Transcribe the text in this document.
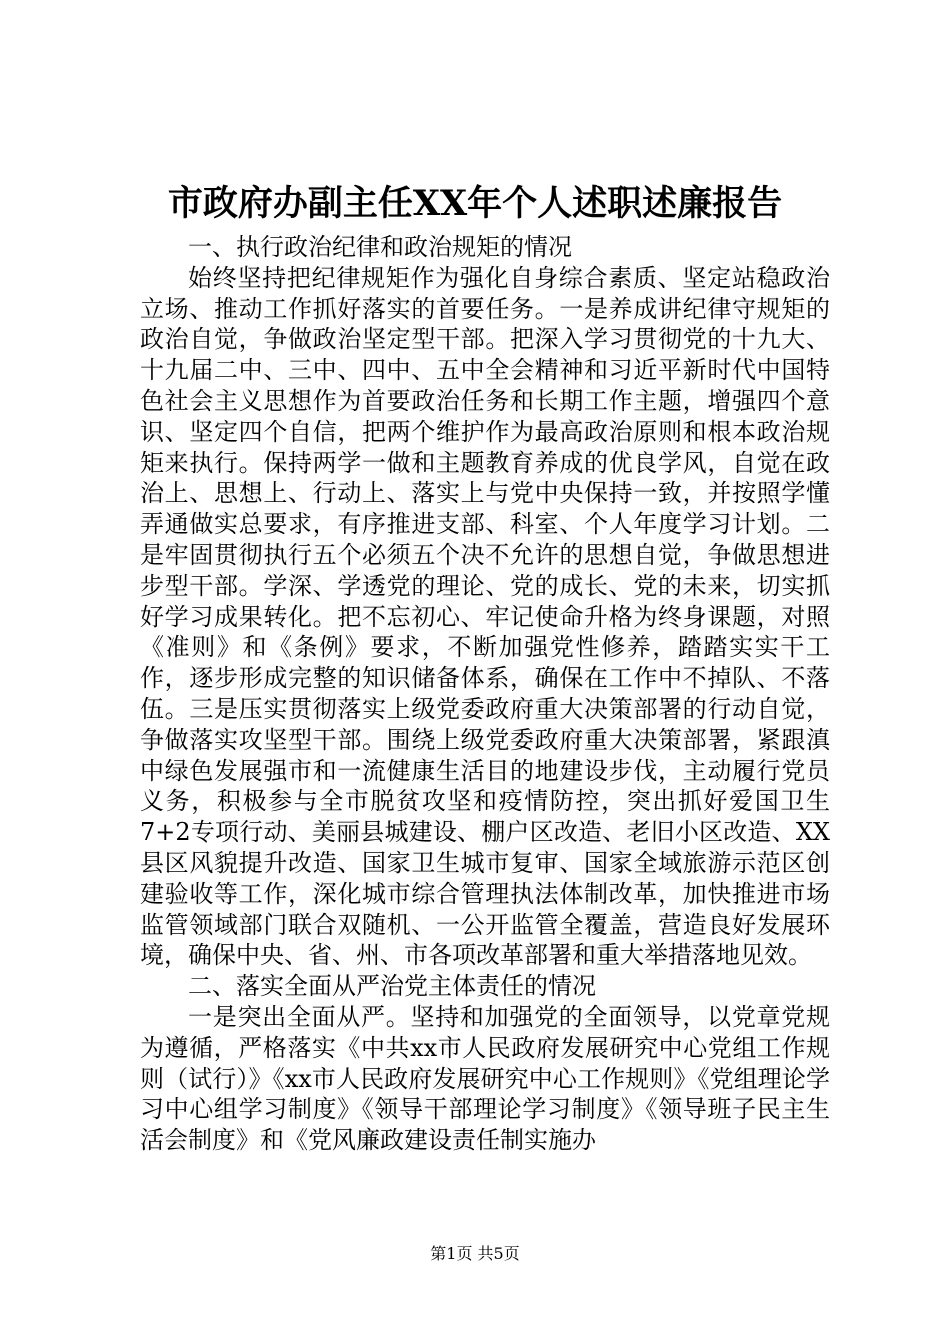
市政府办副主任XX年个人述职述廉报告

一、执行政治纪律和政治规矩的情况

始终坚持把纪律规矩作为强化自身综合素质、坚定站稳政治立场、推动工作抓好落实的首要任务。一是养成讲纪律守规矩的政治自觉，争做政治坚定型干部。把深入学习贯彻党的十九大、十九届二中、三中、四中、五中全会精神和习近平新时代中国特色社会主义思想作为首要政治任务和长期工作主题，增强四个意识、坚定四个自信，把两个维护作为最高政治原则和根本政治规矩来执行。保持两学一做和主题教育养成的优良学风，自觉在政治上、思想上、行动上、落实上与党中央保持一致，并按照学懂弄通做实总要求，有序推进支部、科室、个人年度学习计划。二是牢固贯彻执行五个必须五个决不允许的思想自觉，争做思想进步型干部。学深、学透党的理论、党的成长、党的未来，切实抓好学习成果转化。把不忘初心、牢记使命升格为终身课题，对照《准则》和《条例》要求，不断加强党性修养，踏踏实实干工作，逐步形成完整的知识储备体系，确保在工作中不掉队、不落伍。三是压实贯彻落实上级党委政府重大决策部署的行动自觉，争做落实攻坚型干部。围绕上级党委政府重大决策部署，紧跟滇中绿色发展强市和一流健康生活目的地建设步伐，主动履行党员义务，积极参与全市脱贫攻坚和疫情防控，突出抓好爱国卫生7+2专项行动、美丽县城建设、棚户区改造、老旧小区改造、XX县区风貌提升改造、国家卫生城市复审、国家全域旅游示范区创建验收等工作，深化城市综合管理执法体制改革，加快推进市场监管领域部门联合双随机、一公开监管全覆盖，营造良好发展环境，确保中央、省、州、市各项改革部署和重大举措落地见效。

二、落实全面从严治党主体责任的情况

一是突出全面从严。坚持和加强党的全面领导，以党章党规为遵循，严格落实《中共xx市人民政府发展研究中心党组工作规则（试行）》《xx市人民政府发展研究中心工作规则》《党组理论学习中心组学习制度》《领导干部理论学习制度》《领导班子民主生活会制度》和《党风廉政建设责任制实施办

第1页 共5页
